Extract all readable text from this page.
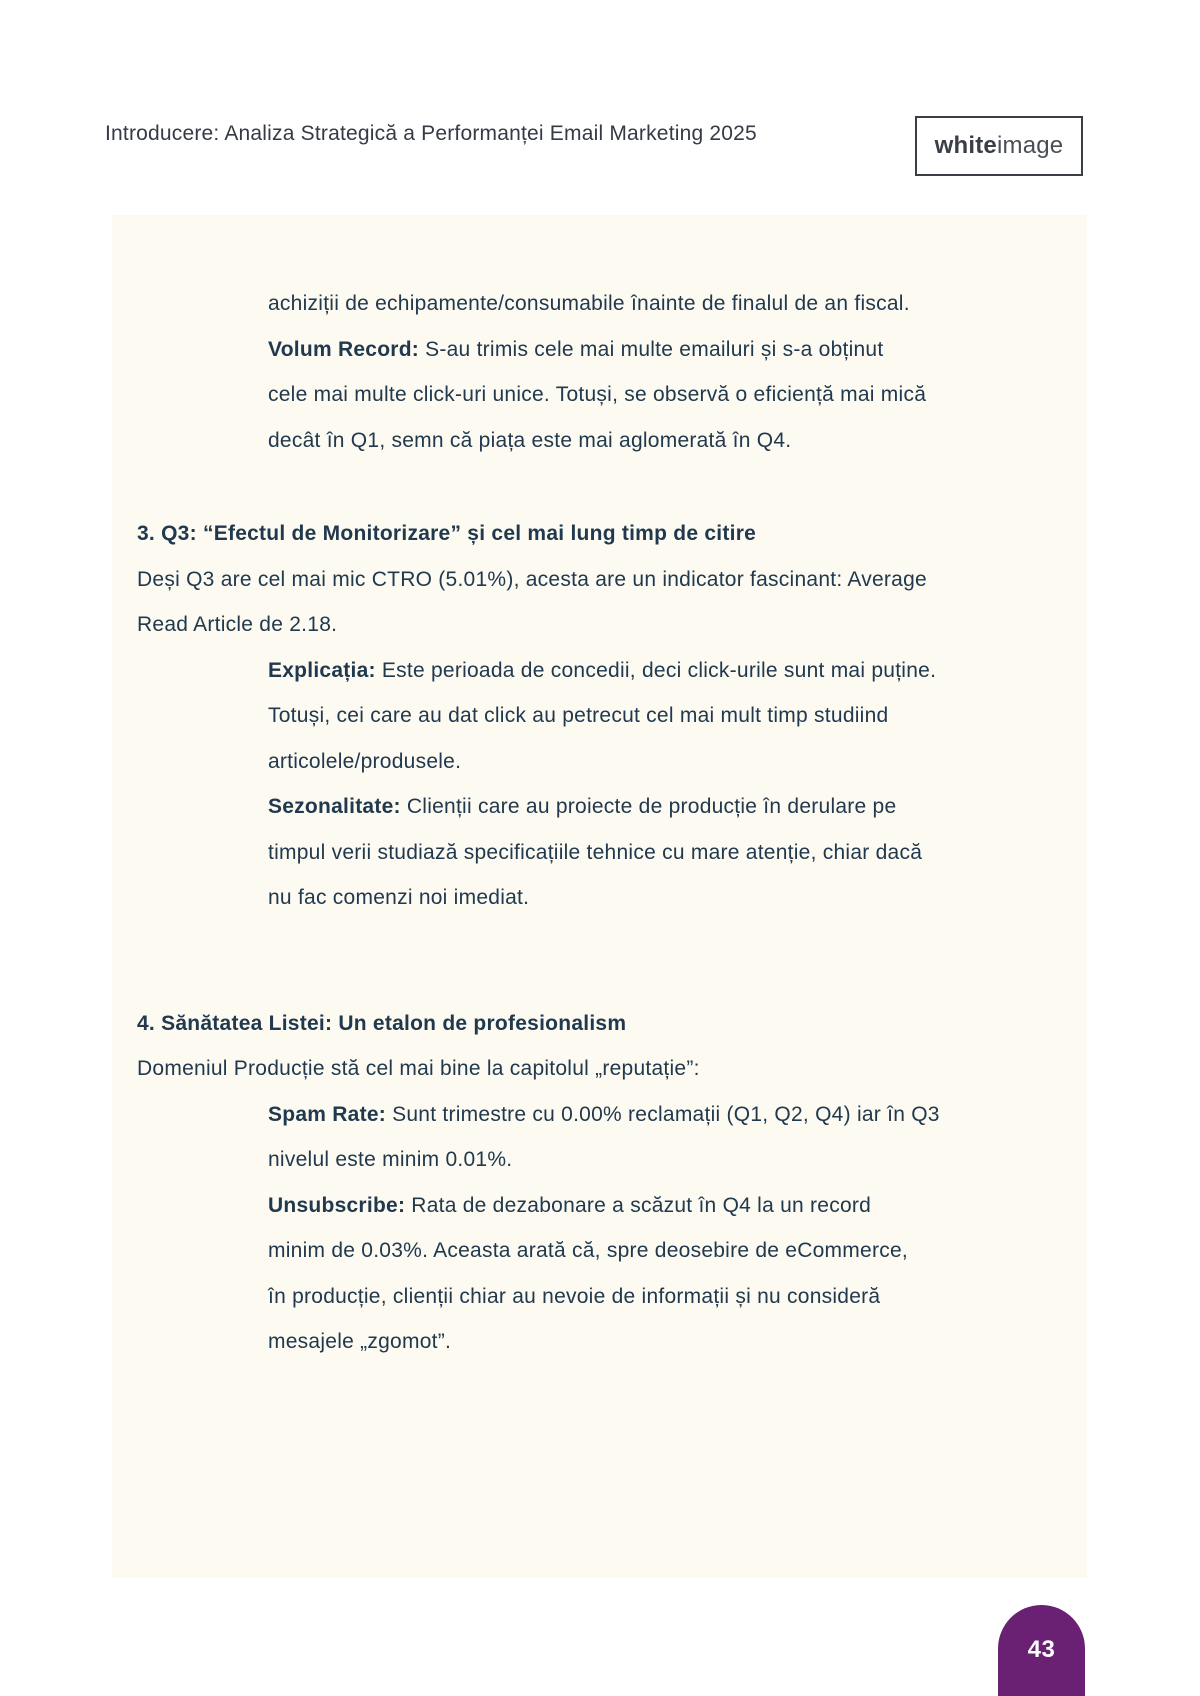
Introducere: Analiza Strategică a Performanței Email Marketing 2025	white image
achiziții de echipamente/consumabile înainte de finalul de an fiscal.
Volum Record: S-au trimis cele mai multe emailuri și s-a obținut
cele mai multe click-uri unice. Totuși, se observă o eficiență mai mică
decât în Q1, semn că piața este mai aglomerată în Q4.
3. Q3: “Efectul de Monitorizare” și cel mai lung timp de citire
Deși Q3 are cel mai mic CTRO (5.01%), acesta are un indicator fascinant: Average
Read Article de 2.18.
Explicația: Este perioada de concedii, deci click-urile sunt mai puține.
Totuși, cei care au dat click au petrecut cel mai mult timp studiind
articolele/produsele.
Sezonalitate: Clienții care au proiecte de producție în derulare pe
timpul verii studiază specificațiile tehnice cu mare atenție, chiar dacă
nu fac comenzi noi imediat.
4. Sănătatea Listei: Un etalon de profesionalism
Domeniul Producție stă cel mai bine la capitolul „reputație”:
Spam Rate: Sunt trimestre cu 0.00% reclamații (Q1, Q2, Q4) iar în Q3
nivelul este minim 0.01%.
Unsubscribe: Rata de dezabonare a scăzut în Q4 la un record
minim de 0.03%. Aceasta arată că, spre deosebire de eCommerce,
în producție, clienții chiar au nevoie de informații și nu consideră
mesajele „zgomot”.
43
